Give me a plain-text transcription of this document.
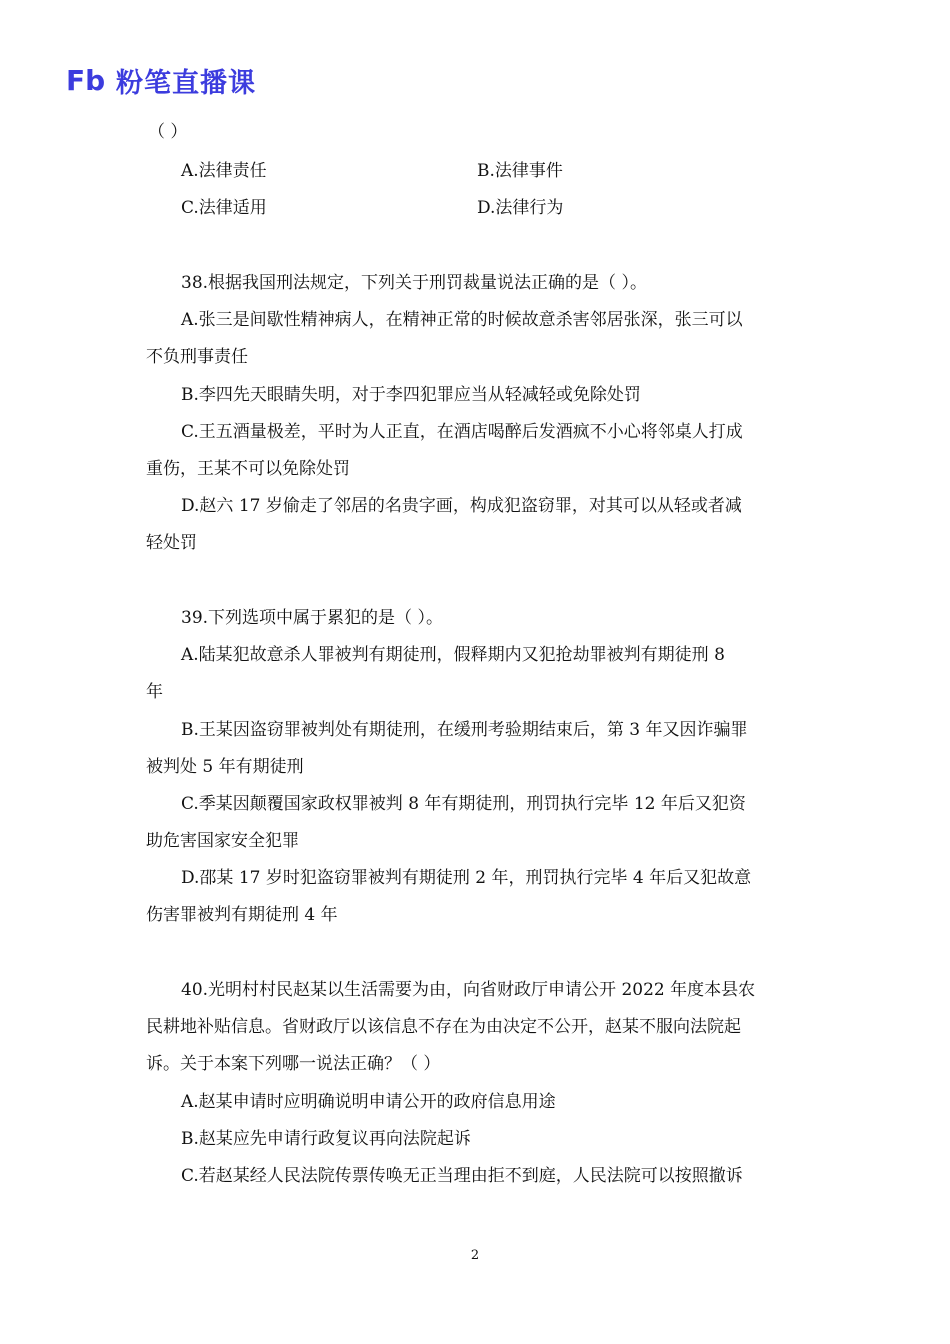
Fb 粉笔直播课
（ ）
A.法律责任	B.法律事件
C.法律适用	D.法律行为
38.根据我国刑法规定，下列关于刑罚裁量说法正确的是（ ）。
A.张三是间歇性精神病人，在精神正常的时候故意杀害邻居张深，张三可以
不负刑事责任
B.李四先天眼睛失明，对于李四犯罪应当从轻减轻或免除处罚
C.王五酒量极差，平时为人正直，在酒店喝醉后发酒疯不小心将邻桌人打成
重伤，王某不可以免除处罚
D.赵六 17 岁偷走了邻居的名贵字画，构成犯盗窃罪，对其可以从轻或者减
轻处罚
39.下列选项中属于累犯的是（ ）。
A.陆某犯故意杀人罪被判有期徒刑，假释期内又犯抢劫罪被判有期徒刑 8
年
B.王某因盗窃罪被判处有期徒刑，在缓刑考验期结束后，第 3 年又因诈骗罪
被判处 5 年有期徒刑
C.季某因颠覆国家政权罪被判 8 年有期徒刑，刑罚执行完毕 12 年后又犯资
助危害国家安全犯罪
D.邵某 17 岁时犯盗窃罪被判有期徒刑 2 年，刑罚执行完毕 4 年后又犯故意
伤害罪被判有期徒刑 4 年
40.光明村村民赵某以生活需要为由，向省财政厅申请公开 2022 年度本县农
民耕地补贴信息。省财政厅以该信息不存在为由决定不公开，赵某不服向法院起
诉。关于本案下列哪一说法正确？（ ）
A.赵某申请时应明确说明申请公开的政府信息用途
B.赵某应先申请行政复议再向法院起诉
C.若赵某经人民法院传票传唤无正当理由拒不到庭，人民法院可以按照撤诉
2
